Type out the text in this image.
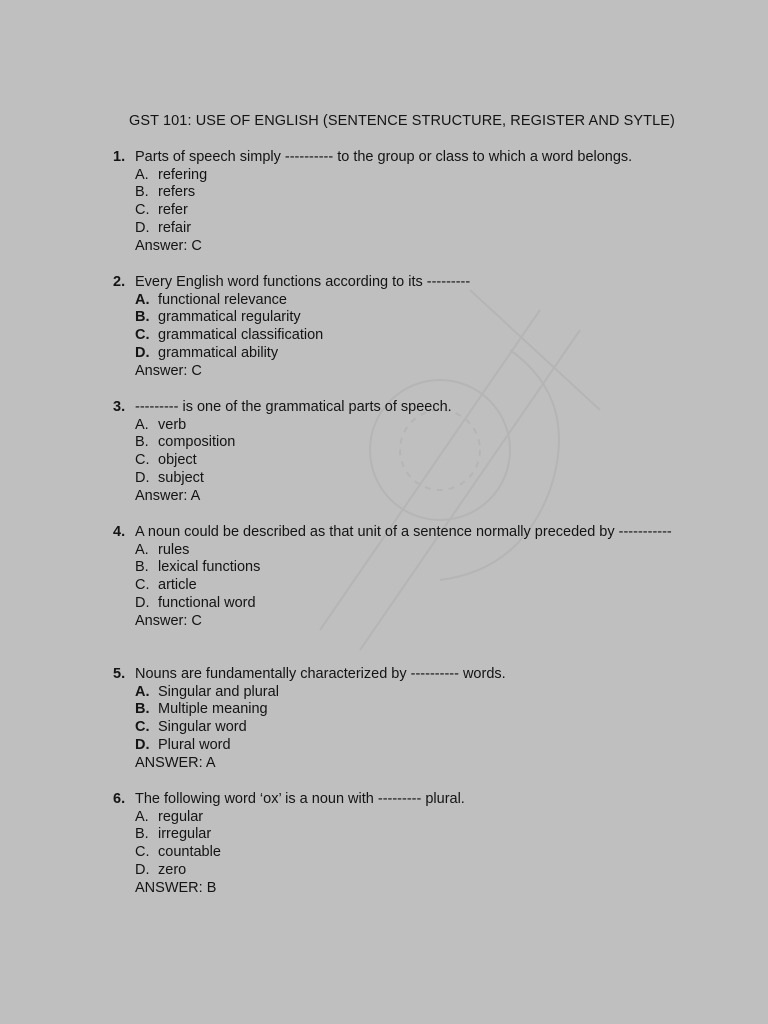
GST 101: USE OF ENGLISH (SENTENCE STRUCTURE, REGISTER AND SYTLE)
1. Parts of speech simply ---------- to the group or class to which a word belongs.
A. refering
B. refers
C. refer
D. refair
Answer: C
2. Every English word functions according to its ---------
A. functional relevance
B. grammatical regularity
C. grammatical classification
D. grammatical ability
Answer: C
3. --------- is one of the grammatical parts of speech.
A. verb
B. composition
C. object
D. subject
Answer: A
4. A noun could be described as that unit of a sentence normally preceded by -----------
A. rules
B. lexical functions
C. article
D. functional word
Answer: C
5. Nouns are fundamentally characterized by ---------- words.
A. Singular and plural
B. Multiple meaning
C. Singular word
D. Plural word
ANSWER: A
6. The following word ‘ox’ is a noun with --------- plural.
A. regular
B. irregular
C. countable
D. zero
ANSWER: B
